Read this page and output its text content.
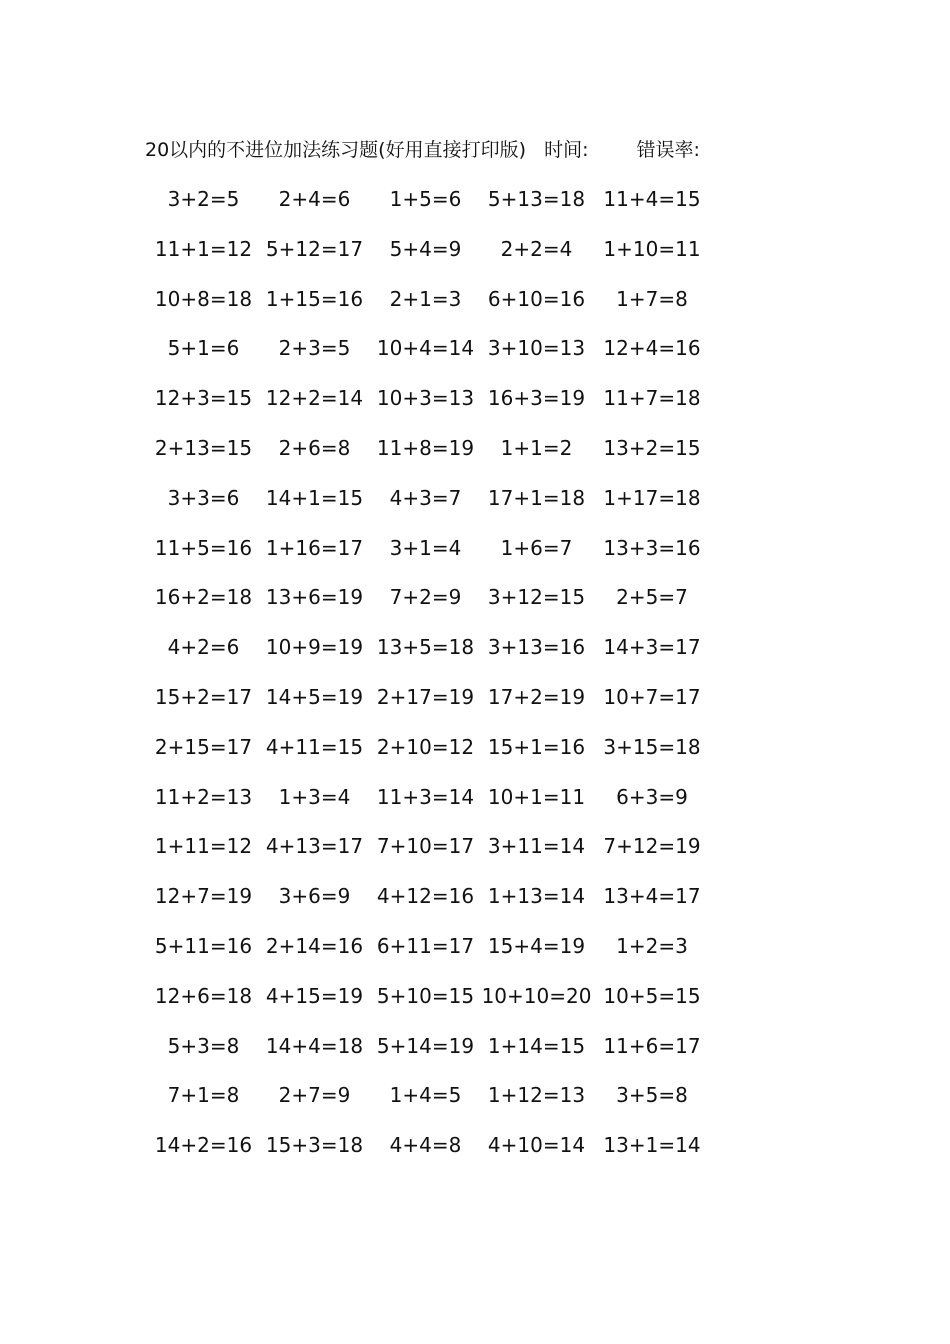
20以内的不进位加法练习题(好用直接打印版) 时间:	错误率:
3+2=5	2+4=6	1+5=6	5+13=18 11+4=15
11+1=12 5+12=17	5+4=9	2+2=4	1+10=11
10+8=18 1+15=16	2+1=3	6+10=16	1+7=8
5+1=6	2+3=5	10+4=14 3+10=13 12+4=16
12+3=15 12+2=14 10+3=13 16+3=19 11+7=18
2+13=15	2+6=8	11+8=19	1+1=2	13+2=15
3+3=6	14+1=15	4+3=7	17+1=18 1+17=18
11+5=16 1+16=17	3+1=4	1+6=7	13+3=16
16+2=18 13+6=19	7+2=9	3+12=15	2+5=7
4+2=6	10+9=19 13+5=18 3+13=16 14+3=17
15+2=17 14+5=19 2+17=19 17+2=19 10+7=17
2+15=17 4+11=15 2+10=12 15+1=16 3+15=18
11+2=13	1+3=4	11+3=14 10+1=11	6+3=9
1+11=12 4+13=17 7+10=17 3+11=14 7+12=19
12+7=19	3+6=9	4+12=16 1+13=14 13+4=17
5+11=16 2+14=16 6+11=17 15+4=19	1+2=3
12+6=18 4+15=19 5+10=15 10+10=20 10+5=15
5+3=8	14+4=18 5+14=19 1+14=15 11+6=17
7+1=8	2+7=9	1+4=5	1+12=13	3+5=8
14+2=16 15+3=18	4+4=8	4+10=14 13+1=14
